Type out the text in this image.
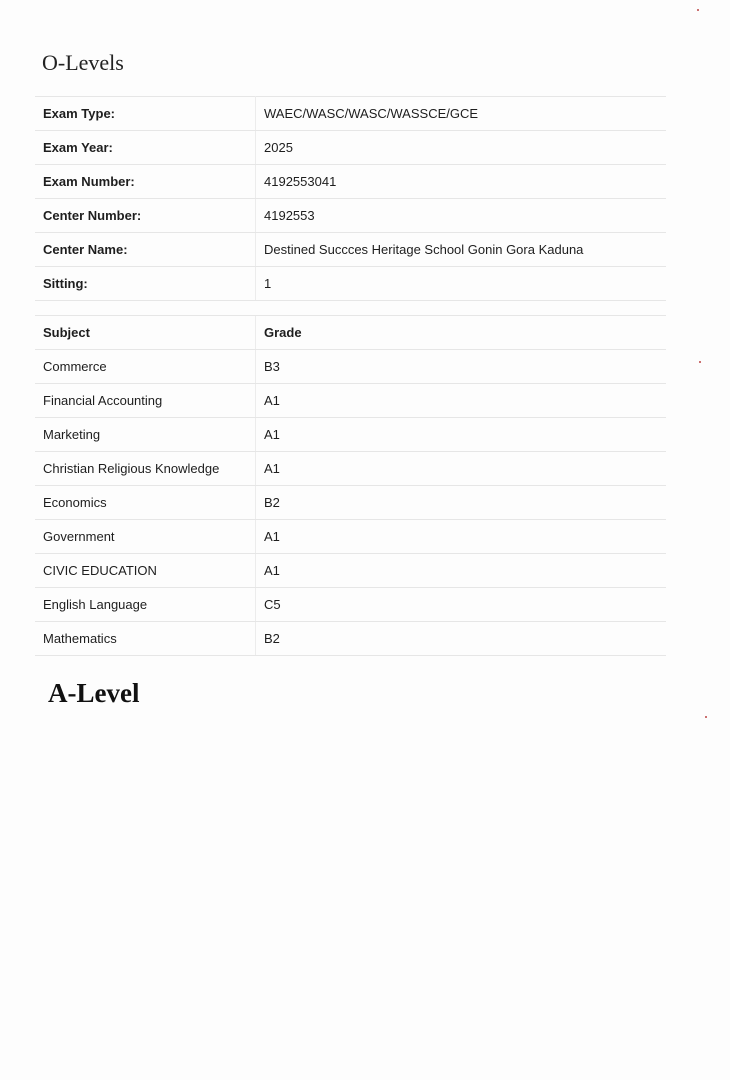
O-Levels
Exam Type:	WAEC/WASC/WASC/WASSCE/GCE
Exam Year:	2025
Exam Number:	4192553041
Center Number:	4192553
Center Name:	Destined Succces Heritage School Gonin Gora Kaduna
Sitting:	1

Subject	Grade
Commerce	B3
Financial Accounting	A1
Marketing	A1
Christian Religious Knowledge	A1
Economics	B2
Government	A1
CIVIC EDUCATION	A1
English Language	C5
Mathematics	B2
A-Level
